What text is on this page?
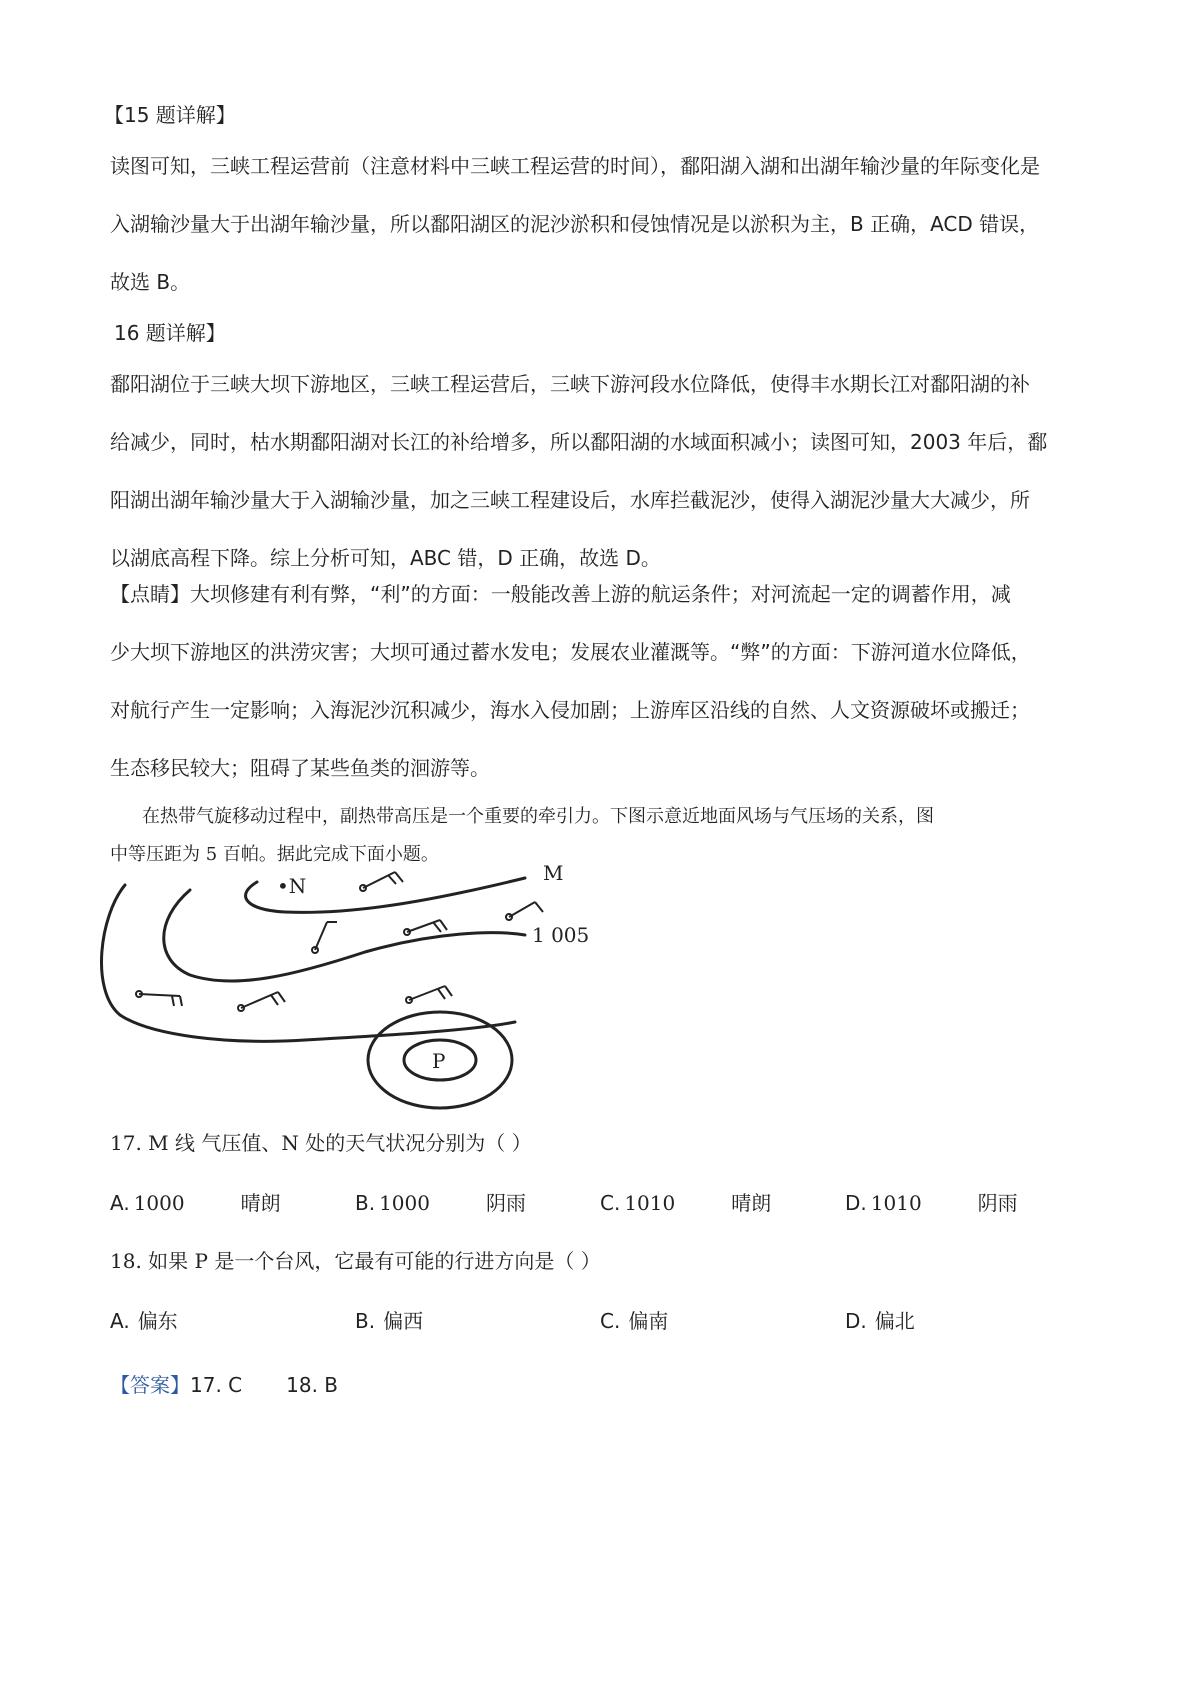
【15 题详解】
读图可知，三峡工程运营前（注意材料中三峡工程运营的时间），鄱阳湖入湖和出湖年输沙量的年际变化是
入湖输沙量大于出湖年输沙量，所以鄱阳湖区的泥沙淤积和侵蚀情况是以淤积为主，B 正确，ACD 错误，
故选 B。
16 题详解】
鄱阳湖位于三峡大坝下游地区，三峡工程运营后，三峡下游河段水位降低，使得丰水期长江对鄱阳湖的补
给减少，同时，枯水期鄱阳湖对长江的补给增多，所以鄱阳湖的水域面积减小；读图可知，2003 年后，鄱
阳湖出湖年输沙量大于入湖输沙量，加之三峡工程建设后，水库拦截泥沙，使得入湖泥沙量大大减少，所
以湖底高程下降。综上分析可知，ABC 错，D 正确，故选 D。
【点睛】大坝修建有利有弊，“利”的方面：一般能改善上游的航运条件；对河流起一定的调蓄作用，减
少大坝下游地区的洪涝灾害；大坝可通过蓄水发电；发展农业灌溉等。“弊”的方面：下游河道水位降低，
对航行产生一定影响；入海泥沙沉积减少，海水入侵加剧；上游库区沿线的自然、人文资源破坏或搬迁；
生态移民较大；阻碍了某些鱼类的洄游等。
在热带气旋移动过程中，副热带高压是一个重要的牵引力。下图示意近地面风场与气压场的关系，图
中等压距为 5 百帕。据此完成下面小题。
•N
M
1 005
P
17. M 线 气压值、N 处的天气状况分别为（ ）
A. 1000	晴朗	B. 1000	阴雨	C. 1010	晴朗	D. 1010	阴雨
18. 如果 P 是一个台风，它最有可能的行进方向是（ ）
A. 偏东	B. 偏西	C. 偏南	D. 偏北
【答案】17. C 18. B
